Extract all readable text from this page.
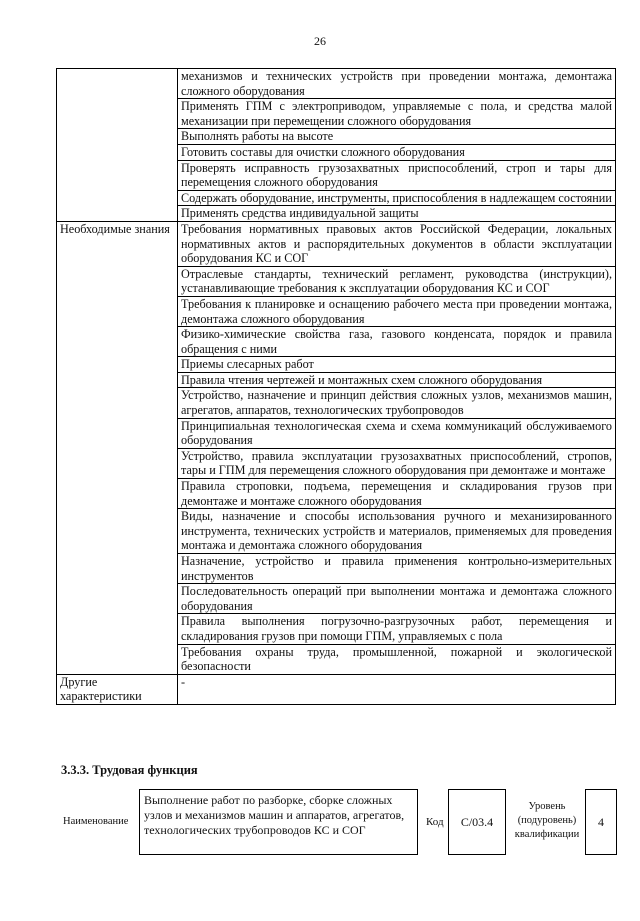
26
	механизмов и технических устройств при проведении монтажа, демонтажа сложного оборудования
	Применять ГПМ с электроприводом, управляемые с пола, и средства малой механизации при перемещении сложного оборудования
	Выполнять работы на высоте
	Готовить составы для очистки сложного оборудования
	Проверять исправность грузозахватных приспособлений, строп и тары для перемещения сложного оборудования
	Содержать оборудование, инструменты, приспособления в надлежащем состоянии
	Применять средства индивидуальной защиты
Необходимые знания	Требования нормативных правовых актов Российской Федерации, локальных нормативных актов и распорядительных документов в области эксплуатации оборудования КС и СОГ
	Отраслевые стандарты, технический регламент, руководства (инструкции), устанавливающие требования к эксплуатации оборудования КС и СОГ
	Требования к планировке и оснащению рабочего места при проведении монтажа, демонтажа сложного оборудования
	Физико-химические свойства газа, газового конденсата, порядок и правила обращения с ними
	Приемы слесарных работ
	Правила чтения чертежей и монтажных схем сложного оборудования
	Устройство, назначение и принцип действия сложных узлов, механизмов машин, агрегатов, аппаратов, технологических трубопроводов
	Принципиальная технологическая схема и схема коммуникаций обслуживаемого оборудования
	Устройство, правила эксплуатации грузозахватных приспособлений, стропов, тары и ГПМ для перемещения сложного оборудования при демонтаже и монтаже
	Правила строповки, подъема, перемещения и складирования грузов при демонтаже и монтаже сложного оборудования
	Виды, назначение и способы использования ручного и механизированного инструмента, технических устройств и материалов, применяемых для проведения монтажа и демонтажа сложного оборудования
	Назначение, устройство и правила применения контрольно-измерительных инструментов
	Последовательность операций при выполнении монтажа и демонтажа сложного оборудования
	Правила выполнения погрузочно-разгрузочных работ, перемещения и складирования грузов при помощи ГПМ, управляемых с пола
	Требования охраны труда, промышленной, пожарной и экологической безопасности
Другие характеристики	-
3.3.3. Трудовая функция
Наименование
Выполнение работ по разборке, сборке сложных узлов и механизмов машин и аппаратов, агрегатов, технологических трубопроводов КС и СОГ
Код	C/03.4
Уровень (подуровень) квалификации
4
